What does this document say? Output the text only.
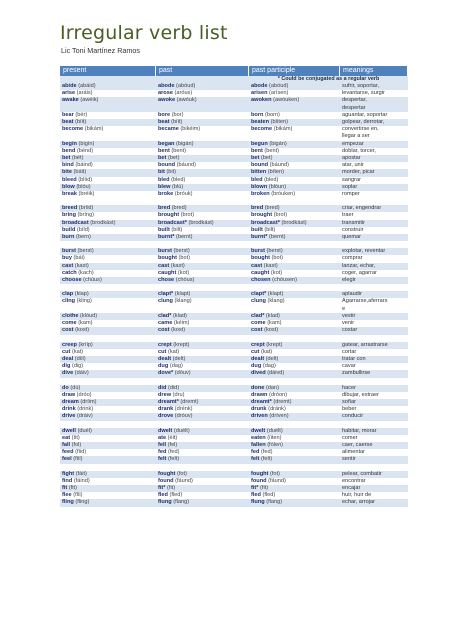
Irregular verb list
Lic Toni Martínez Ramos
present	past	past participle	meanings
* Could be conjugated as a regular verb
abide (abáid)	abode (abóud)	abode (abóud)	sufrir, soportar,
arise (aráis)	arose (aróus)	arisen (arísen)	levantarse, surgir
awake (awéik)	awoke (awóuk)	awoken (awóuken)	despertar,
despertar
bear (bér)	bore (bor)	born (born)	aguantar, soportar
beat (bíit)	beat (bíit)	beaten (bíiten)	golpear, derrotar,
become (bikám)	became (bikéim)	become (bikám)	convertirse en,
llegar a ser
begin (bigín)	began (bigán)	begun (bigán)	empezar
bend (bénd)	bent (bent)	bent (bent)	doblar, torcer,
bet (bét)	bet (bet)	bet (bet)	apostar
bind (báind)	bound (báund)	bound (báund)	atar, unir
bite (báit)	bit (bit)	bitten (bíten)	morder, picar
bleed (blíid)	bled (bled)	bled (bled)	sangrar
blow (blóu)	blew (blú)	blown (blóun)	soplar
break (bréik)	broke (bróuk)	broken (bróuken)	romper
breed (bríid)	bred (bred)	bred (bred)	criar, engendrar
bring (bríng)	brought (brot)	brought (brot)	traer
broadcast (brodkást)	broadcast* (brodkást)	broadcast* (brodkást)	transmitir
build (bíld)	built (bilt)	built (bilt)	construir
burn (bern)	burnt* (bernt)	burnt* (bernt)	quemar
burst (berst)	burst (berst)	burst (berst)	explotar, reventar
buy (bái)	bought (bot)	bought (bot)	comprar
cast (kast)	cast (kast)	cast (kast)	lanzar, echar,
catch (kach)	caught (kot)	caught (kot)	coger, agarrar
choose (chúus)	chose (chóus)	chosen (chóusen)	elegir
clap (klap)	clapt* (klapt)	clapt* (klapt)	aplaudir
cling (kling)	clung (klang)	clung (klang)	Agarrarse,aferrars
e
clothe (klóud)	clad* (klad)	clad* (klad)	vestir
come (kam)	came (kéim)	come (kam)	venir
cost (kost)	cost (kost)	cost (kost)	costar
creep (kríip)	crept (krept)	crept (krept)	gatear, arrastrarse
cut (kat)	cut (kat)	cut (kat)	cortar
deal (díil)	dealt (delt)	dealt (delt)	tratar con
dig (dig)	dug (dag)	dug (dag)	cavar
dive (dáiv)	dove* (dóuv)	dived (dáivd)	zambullirse
do (dú)	did (did)	done (dan)	hacer
draw (dróo)	drew (dru)	drawn (dróon)	dibujar, extraer
dream (dríim)	dreamt* (dremt)	dreamt* (dremt)	soñar
drink (drink)	drank (drénk)	drunk (dránk)	beber
drive (dráiv)	drove (dróuv)	driven (dríven)	conducir
dwell (duél)	dwelt (duélt)	dwelt (duélt)	habitar, morar
eat (íit)	ate (éit)	eaten (íiten)	comer
fall (fol)	fell (fel)	fallen (fólen)	caer, caerse
feed (fíid)	fed (fed)	fed (fed)	alimentar
feel (fíil)	felt (felt)	felt (felt)	sentir
fight (fáit)	fought (fot)	fought (fot)	pelear, combatir
find (fáind)	found (fáund)	found (fáund)	encontrar
fit (fit)	fit* (fit)	fit* (fit)	encajar
flee (flíi)	fled (fled)	fled (fled)	huir, huir de
fling (fling)	flung (flang)	flung (flang)	echar, arrojar
